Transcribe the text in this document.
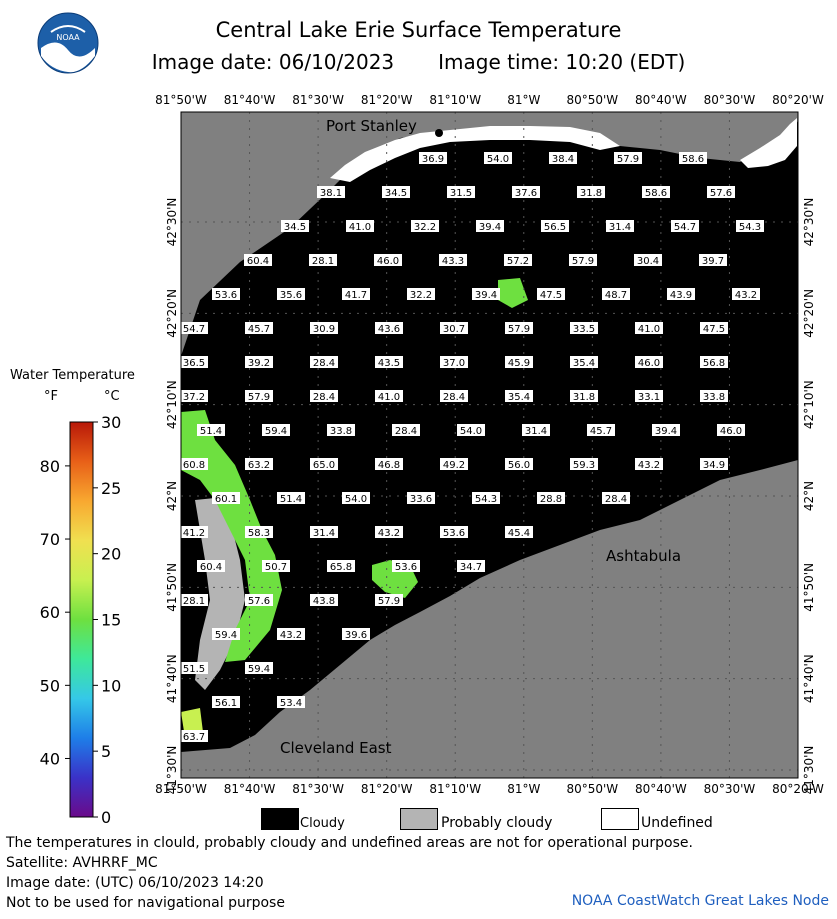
NOAA	Central Lake Erie Surface Temperature
Image date: 06/10/2023 Image time: 10:20 (EDT)
36.9	54.0	38.4	57.9	58.6
38.1	34.5	31.5	37.6	31.8	58.6	57.6
34.5	41.0	32.2	39.4	56.5	31.4	54.7	54.3
60.4	28.1	46.0	43.3	57.2	57.9	30.4	39.7
53.6	35.6	41.7	32.2	39.4	47.5	48.7	43.9	43.2
54.7	45.7	30.9	43.6	30.7	57.9	33.5	41.0	47.5
36.5	39.2	28.4	43.5	37.0	45.9	35.4	46.0	56.8
37.2	57.9	28.4	41.0	28.4	35.4	31.8	33.1	33.8
51.4	59.4	33.8	28.4	54.0	31.4	45.7	39.4	46.0
60.8	63.2	65.0	46.8	49.2	56.0	59.3	43.2	34.9
60.1	51.4	54.0	33.6	54.3	28.8	28.4
41.2	58.3	31.4	43.2	53.6	45.4
60.4	50.7	65.8	53.6	34.7
28.1	57.6	43.8	57.9
59.4	43.2	39.6
51.5	59.4
56.1	53.4
63.7
81°50'W 81°40'W 81°30'W 81°20'W 81°10'W 81°W 80°50'W 80°40'W 80°30'W 80°20'W
81°50'W 81°40'W 81°30'W 81°20'W 81°10'W 81°W 80°50'W 80°40'W 80°30'W 80°20'W
42°30'N
42°20'N
42°10'N
42°N
41°50'N
41°40'N
41°30'N
42°30'N
42°20'N
42°10'N
42°N
41°50'N
41°40'N
41°30'N
30
25
20
15
10
5
0
80
70
60
50
40
Port Stanley
Ashtabula
Cleveland East
Water Temperature
°F	°C
Cloudy	Probably cloudy	Undefined
The temperatures in clould, probably cloudy and undefined areas are not for operational purpose.
Satellite: AVHRRF_MC
Image date: (UTC) 06/10/2023 14:20
Not to be used for navigational purpose	NOAA CoastWatch Great Lakes Node
